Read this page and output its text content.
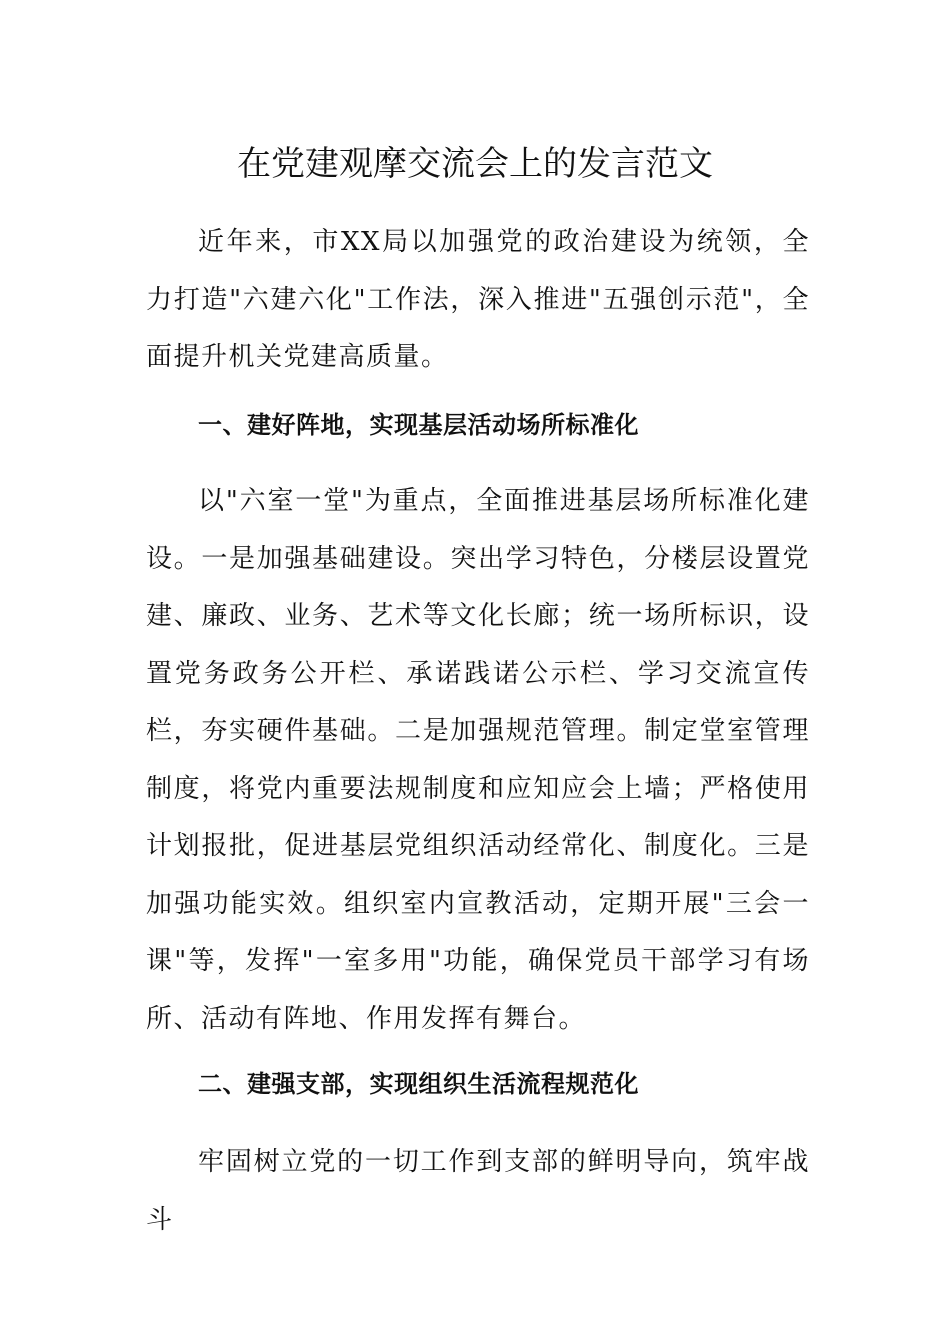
在党建观摩交流会上的发言范文

近年来，市XX局以加强党的政治建设为统领，全力打造"六建六化"工作法，深入推进"五强创示范"，全面提升机关党建高质量。

一、建好阵地，实现基层活动场所标准化

以"六室一堂"为重点，全面推进基层场所标准化建设。一是加强基础建设。突出学习特色，分楼层设置党建、廉政、业务、艺术等文化长廊；统一场所标识，设置党务政务公开栏、承诺践诺公示栏、学习交流宣传栏，夯实硬件基础。二是加强规范管理。制定堂室管理制度，将党内重要法规制度和应知应会上墙；严格使用计划报批，促进基层党组织活动经常化、制度化。三是加强功能实效。组织室内宣教活动，定期开展"三会一课"等，发挥"一室多用"功能，确保党员干部学习有场所、活动有阵地、作用发挥有舞台。

二、建强支部，实现组织生活流程规范化

牢固树立党的一切工作到支部的鲜明导向，筑牢战斗
